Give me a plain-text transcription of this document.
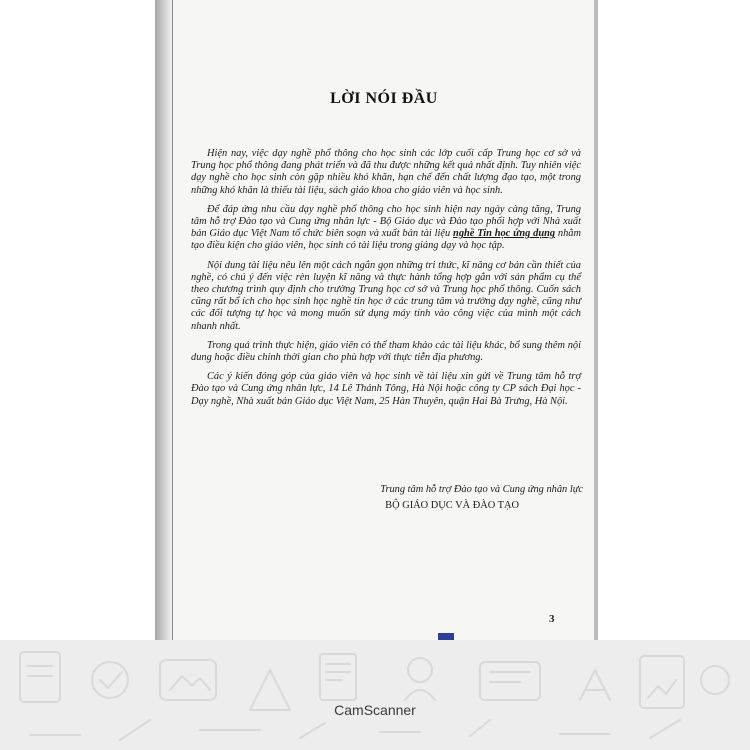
LỜI NÓI ĐẦU

Hiện nay, việc dạy nghề phổ thông cho học sinh các lớp cuối cấp Trung học cơ sở và Trung học phổ thông đang phát triển và đã thu được những kết quả nhất định. Tuy nhiên việc dạy nghề cho học sinh còn gặp nhiều khó khăn, hạn chế đến chất lượng đạo tạo, một trong những khó khăn là thiếu tài liệu, sách giáo khoa cho giáo viên và học sinh.

Để đáp ứng nhu cầu dạy nghề phổ thông cho học sinh hiện nay ngày càng tăng, Trung tâm hỗ trợ Đào tạo và Cung ứng nhân lực - Bộ Giáo dục và Đào tạo phối hợp với Nhà xuất bản Giáo dục Việt Nam tổ chức biên soạn và xuất bản tài liệu nghề Tin học ứng dụng nhằm tạo điều kiện cho giáo viên, học sinh có tài liệu trong giảng dạy và học tập.

Nội dung tài liệu nêu lên một cách ngắn gọn những tri thức, kĩ năng cơ bản cần thiết của nghề, có chú ý đến việc rèn luyện kĩ năng và thực hành tổng hợp gắn với sản phẩm cụ thể theo chương trình quy định cho trường Trung học cơ sở và Trung học phổ thông. Cuốn sách cũng rất bổ ích cho học sinh học nghề tin học ở các trung tâm và trường dạy nghề, cũng như các đối tượng tự học và mong muốn sử dụng máy tính vào công việc của mình một cách nhanh nhất.

Trong quá trình thực hiện, giáo viên có thể tham khảo các tài liệu khác, bổ sung thêm nội dung hoặc điều chỉnh thời gian cho phù hợp với thực tiễn địa phương.

Các ý kiến đóng góp của giáo viên và học sinh về tài liệu xin gửi về Trung tâm hỗ trợ Đào tạo và Cung ứng nhân lực, 14 Lê Thánh Tông, Hà Nội hoặc công ty CP sách Đại học - Dạy nghề, Nhà xuất bản Giáo dục Việt Nam, 25 Hàn Thuyên, quận Hai Bà Trưng, Hà Nội.

Trung tâm hỗ trợ Đào tạo và Cung ứng nhân lực
BỘ GIÁO DỤC VÀ ĐÀO TẠO
3
CamScanner
